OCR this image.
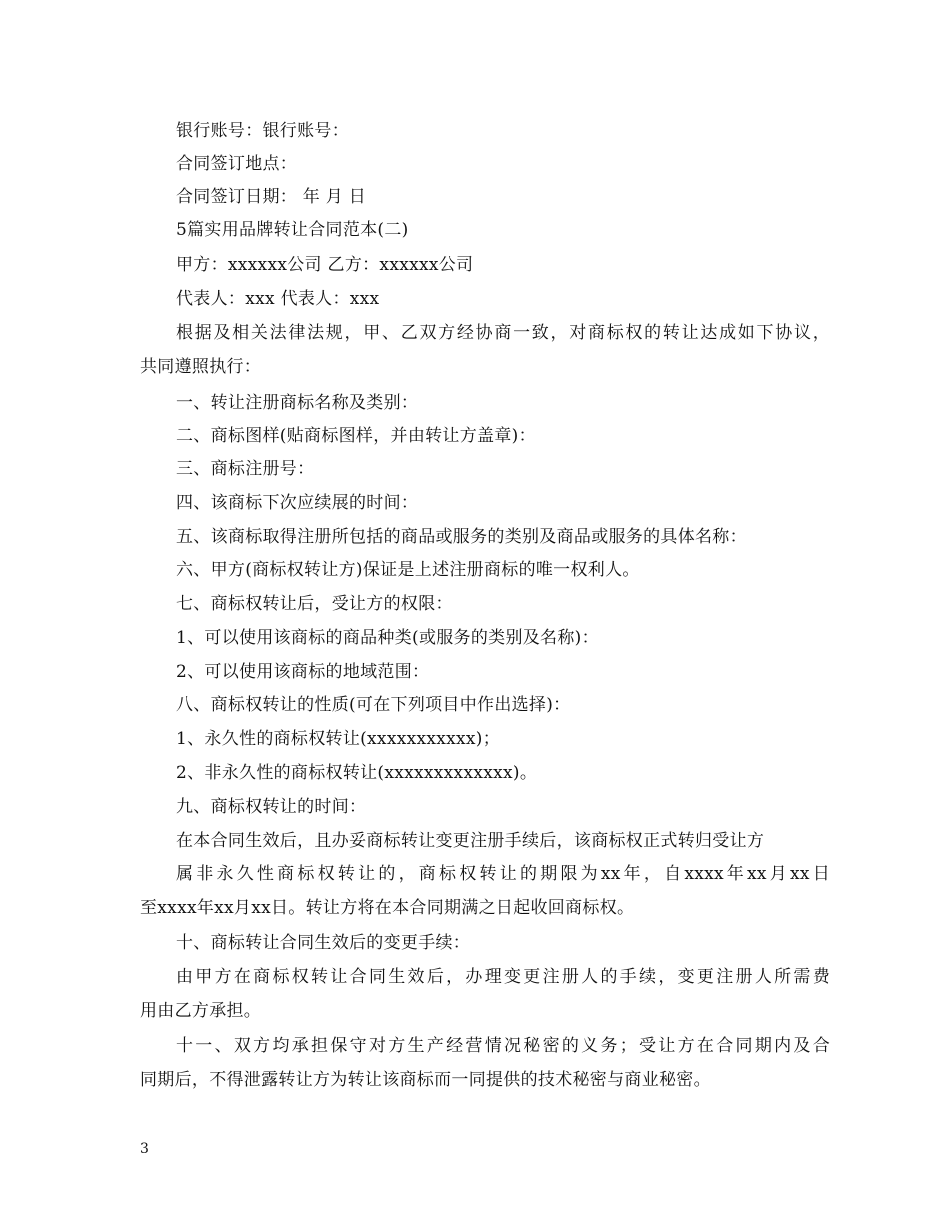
银行账号：银行账号：
合同签订地点：
合同签订日期： 年 月 日
5篇实用品牌转让合同范本(二)
甲方：xxxxxx公司 乙方：xxxxxx公司
代表人：xxx 代表人：xxx
根据及相关法律法规，甲、乙双方经协商一致，对商标权的转让达成如下协议，
共同遵照执行：
一、转让注册商标名称及类别：
二、商标图样(贴商标图样，并由转让方盖章)：
三、商标注册号：
四、该商标下次应续展的时间：
五、该商标取得注册所包括的商品或服务的类别及商品或服务的具体名称：
六、甲方(商标权转让方)保证是上述注册商标的唯一权利人。
七、商标权转让后，受让方的权限：
1、可以使用该商标的商品种类(或服务的类别及名称)：
2、可以使用该商标的地域范围：
八、商标权转让的性质(可在下列项目中作出选择)：
1、永久性的商标权转让(xxxxxxxxxxx)；
2、非永久性的商标权转让(xxxxxxxxxxxxx)。
九、商标权转让的时间：
在本合同生效后，且办妥商标转让变更注册手续后，该商标权正式转归受让方
属非永久性商标权转让的，商标权转让的期限为xx年，自xxxx年xx月xx日
至xxxx年xx月xx日。转让方将在本合同期满之日起收回商标权。
十、商标转让合同生效后的变更手续：
由甲方在商标权转让合同生效后，办理变更注册人的手续，变更注册人所需费
用由乙方承担。
十一、双方均承担保守对方生产经营情况秘密的义务；受让方在合同期内及合
同期后，不得泄露转让方为转让该商标而一同提供的技术秘密与商业秘密。
3
